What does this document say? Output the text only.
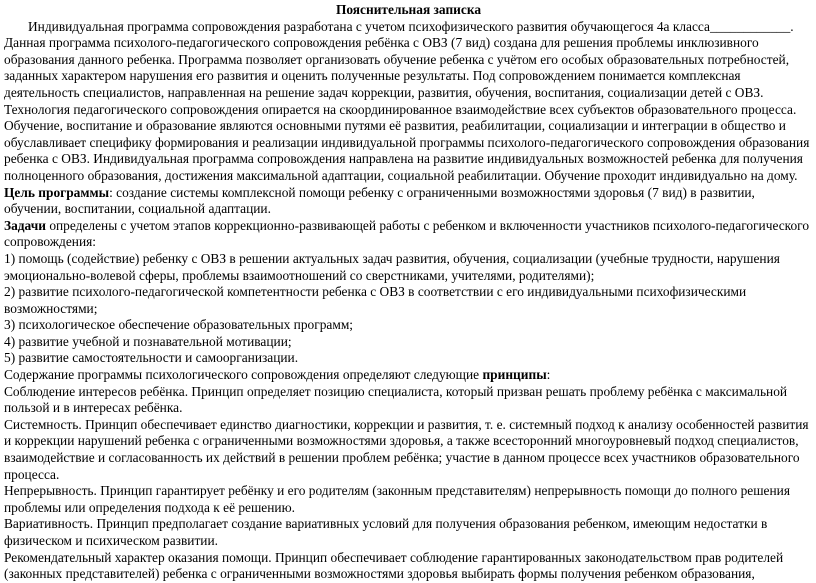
Пояснительная записка

Индивидуальная программа сопровождения разработана с учетом психофизического развития обучающегося 4а класса____________.

Данная программа психолого-педагогического сопровождения ребёнка с ОВЗ (7 вид) создана для решения проблемы инклюзивного образования данного ребенка. Программа позволяет организовать обучение ребенка с учётом его особых образовательных потребностей, заданных характером нарушения его развития и оценить полученные результаты. Под сопровождением понимается комплексная деятельность специалистов, направленная на решение задач коррекции, развития, обучения, воспитания, социализации детей с ОВЗ. Технология педагогического сопровождения опирается на скоординированное взаимодействие всех субъектов образовательного процесса. Обучение, воспитание и образование являются основными путями её развития, реабилитации, социализации и интеграции в общество и обуславливает специфику формирования и реализации индивидуальной программы психолого-педагогического сопровождения образования ребенка с ОВЗ. Индивидуальная программа сопровождения направлена на развитие индивидуальных возможностей ребенка для получения полноценного образования, достижения максимальной адаптации, социальной реабилитации. Обучение проходит индивидуально на дому.

Цель программы: создание системы комплексной помощи ребенку с ограниченными возможностями здоровья (7 вид) в развитии, обучении, воспитании, социальной адаптации.

Задачи определены с учетом этапов коррекционно-развивающей работы с ребенком и включенности участников психолого-педагогического сопровождения:

1) помощь (содействие) ребенку с ОВЗ в решении актуальных задач развития, обучения, социализации (учебные трудности, нарушения эмоционально-волевой сферы, проблемы взаимоотношений со сверстниками, учителями, родителями);

2) развитие психолого-педагогической компетентности ребенка с ОВЗ в соответствии с его индивидуальными психофизическими возможностями;

3) психологическое обеспечение образовательных программ;

4) развитие учебной и познавательной мотивации;

5) развитие самостоятельности и самоорганизации.

Содержание программы психологического сопровождения определяют следующие принципы:

Соблюдение интересов ребёнка. Принцип определяет позицию специалиста, который призван решать проблему ребёнка с максимальной пользой и в интересах ребёнка.

Системность. Принцип обеспечивает единство диагностики, коррекции и развития, т. е. системный подход к анализу особенностей развития и коррекции нарушений ребенка с ограниченными возможностями здоровья, а также всесторонний многоуровневый подход специалистов, взаимодействие и согласованность их действий в решении проблем ребёнка; участие в данном процессе всех участников образовательного процесса.

Непрерывность. Принцип гарантирует ребёнку и его родителям (законным представителям) непрерывность помощи до полного решения проблемы или определения подхода к её решению.

Вариативность. Принцип предполагает создание вариативных условий для получения образования ребенком, имеющим недостатки в физическом и психическом развитии.

Рекомендательный характер оказания помощи. Принцип обеспечивает соблюдение гарантированных законодательством прав родителей (законных представителей) ребенка с ограниченными возможностями здоровья выбирать формы получения ребенком образования,
